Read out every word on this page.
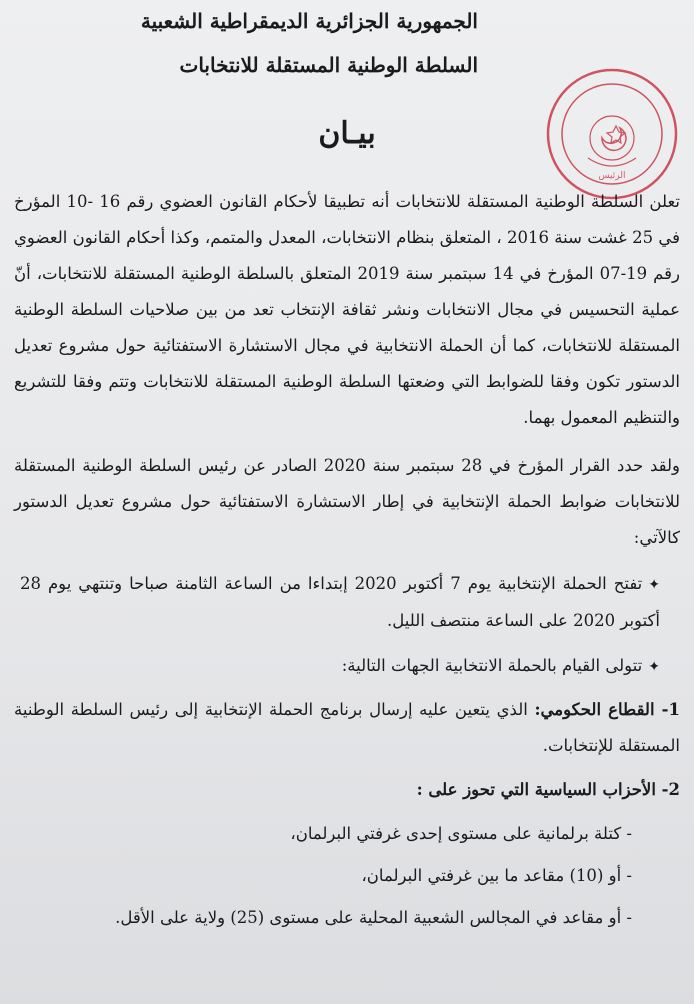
الجمهورية الجزائرية الديمقراطية الشعبية
السلطة الوطنية المستقلة للانتخابات
الرئيس
بيـان
تعلن السلطة الوطنية المستقلة للانتخابات أنه تطبيقا لأحكام القانون العضوي رقم 16 -10 المؤرخ في 25 غشت سنة 2016 ، المتعلق بنظام الانتخابات، المعدل والمتمم، وكذا أحكام القانون العضوي رقم 19-07 المؤرخ في 14 سبتمبر سنة 2019 المتعلق بالسلطة الوطنية المستقلة للانتخابات، أنّ عملية التحسيس في مجال الانتخابات ونشر ثقافة الإنتخاب تعد من بين صلاحيات السلطة الوطنية المستقلة للانتخابات، كما أن الحملة الانتخابية في مجال الاستشارة الاستفتائية حول مشروع تعديل الدستور تكون وفقا للضوابط التي وضعتها السلطة الوطنية المستقلة للانتخابات وتتم وفقا للتشريع والتنظيم المعمول بهما.
ولقد حدد القرار المؤرخ في 28 سبتمبر سنة 2020 الصادر عن رئيس السلطة الوطنية المستقلة للانتخابات ضوابط الحملة الإنتخابية في إطار الاستشارة الاستفتائية حول مشروع تعديل الدستور كالآتي:
✦تفتح الحملة الإنتخابية يوم 7 أكتوبر 2020 إبتداءا من الساعة الثامنة صباحا وتنتهي يوم 28 أكتوبر 2020 على الساعة منتصف الليل.
✦تتولى القيام بالحملة الانتخابية الجهات التالية:
1- القطاع الحكومي: الذي يتعين عليه إرسال برنامج الحملة الإنتخابية إلى رئيس السلطة الوطنية المستقلة للإنتخابات.
2- الأحزاب السياسية التي تحوز على :
- كتلة برلمانية على مستوى إحدى غرفتي البرلمان،
- أو (10) مقاعد ما بين غرفتي البرلمان،
- أو مقاعد في المجالس الشعبية المحلية على مستوى (25) ولاية على الأقل.
